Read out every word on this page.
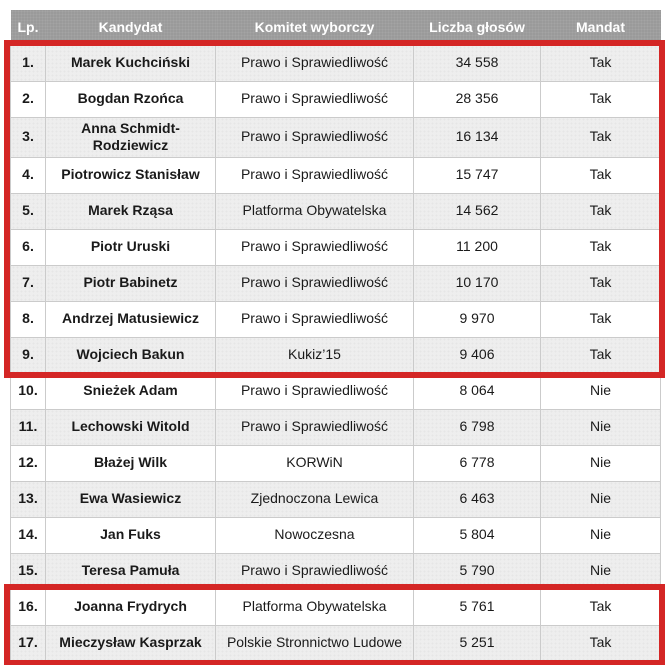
Lp.	Kandydat	Komitet wyborczy	Liczba głosów	Mandat
1.	Marek Kuchciński	Prawo i Sprawiedliwość	34 558	Tak
2.	Bogdan Rzońca	Prawo i Sprawiedliwość	28 356	Tak
3.	Anna Schmidt-Rodziewicz	Prawo i Sprawiedliwość	16 134	Tak
4.	Piotrowicz Stanisław	Prawo i Sprawiedliwość	15 747	Tak
5.	Marek Rząsa	Platforma Obywatelska	14 562	Tak
6.	Piotr Uruski	Prawo i Sprawiedliwość	11 200	Tak
7.	Piotr Babinetz	Prawo i Sprawiedliwość	10 170	Tak
8.	Andrzej Matusiewicz	Prawo i Sprawiedliwość	9 970	Tak
9.	Wojciech Bakun	Kukiz’15	9 406	Tak
10.	Snieżek Adam	Prawo i Sprawiedliwość	8 064	Nie
11.	Lechowski Witold	Prawo i Sprawiedliwość	6 798	Nie
12.	Błażej Wilk	KORWiN	6 778	Nie
13.	Ewa Wasiewicz	Zjednoczona Lewica	6 463	Nie
14.	Jan Fuks	Nowoczesna	5 804	Nie
15.	Teresa Pamuła	Prawo i Sprawiedliwość	5 790	Nie
16.	Joanna Frydrych	Platforma Obywatelska	5 761	Tak
17.	Mieczysław Kasprzak	Polskie Stronnictwo Ludowe	5 251	Tak
